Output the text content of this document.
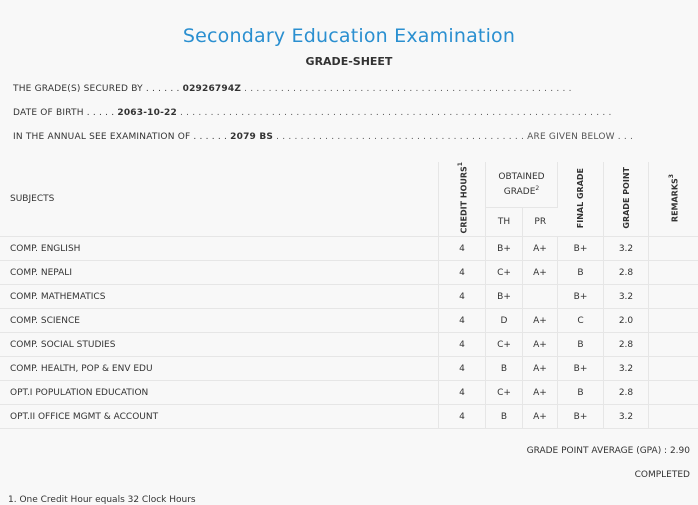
Secondary Education Examination
GRADE-SHEET
THE GRADE(S) SECURED BY . . . . . . 02926794Z . . . . . . . . . . . . . . . . . . . . . . . . . . . . . . . . . . . . . . . . . . . . . . . . . . . . . .
DATE OF BIRTH . . . . . 2063-10-22 . . . . . . . . . . . . . . . . . . . . . . . . . . . . . . . . . . . . . . . . . . . . . . . . . . . . . . . . . . . . . . . . . . . . . . .
IN THE ANNUAL SEE EXAMINATION OF . . . . . . 2079 BS . . . . . . . . . . . . . . . . . . . . . . . . . . . . . . . . . . . . . . . . . ARE GIVEN BELOW . . .
SUBJECTS	CREDIT HOURS$^1$	OBTAINED GRADE$^2$		FINAL GRADE	GRADE POINT	REMARKS$^3$
		TH	PR			
COMP. ENGLISH	4	B+	A+	B+	3.2	
COMP. NEPALI	4	C+	A+	B	2.8	
COMP. MATHEMATICS	4	B+		B+	3.2	
COMP. SCIENCE	4	D	A+	C	2.0	
COMP. SOCIAL STUDIES	4	C+	A+	B	2.8	
COMP. HEALTH, POP & ENV EDU	4	B	A+	B+	3.2	
OPT.I POPULATION EDUCATION	4	C+	A+	B	2.8	
OPT.II OFFICE MGMT & ACCOUNT	4	B	A+	B+	3.2	
GRADE POINT AVERAGE (GPA) : 2.90
COMPLETED
1. One Credit Hour equals 32 Clock Hours
